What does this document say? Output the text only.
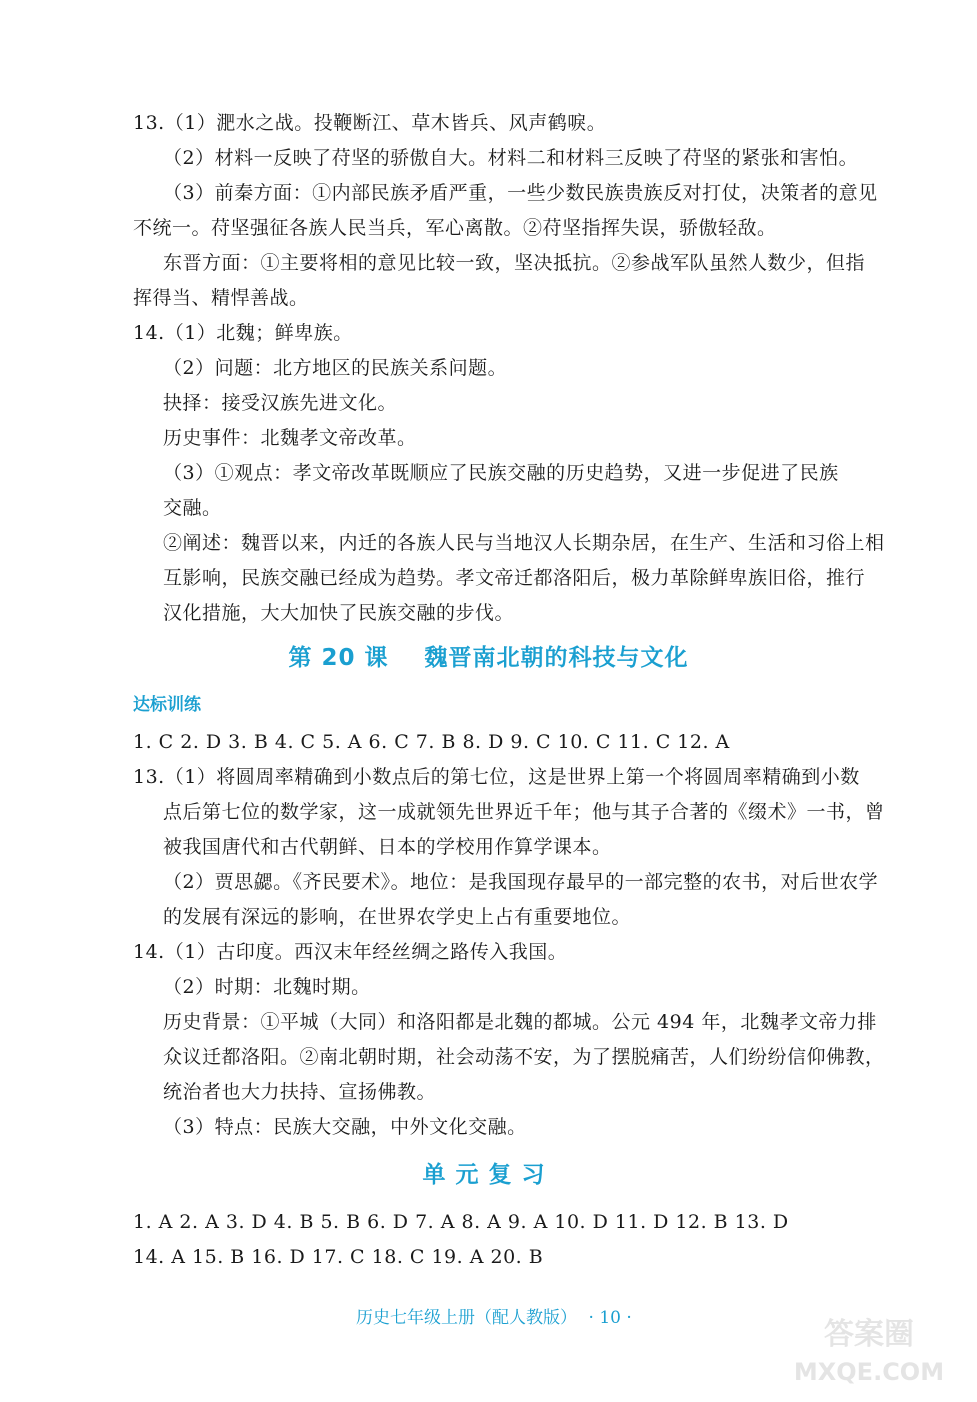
13.（1）淝水之战。投鞭断江、草木皆兵、风声鹤唳。
（2）材料一反映了苻坚的骄傲自大。材料二和材料三反映了苻坚的紧张和害怕。
（3）前秦方面：①内部民族矛盾严重，一些少数民族贵族反对打仗，决策者的意见
不统一。苻坚强征各族人民当兵，军心离散。②苻坚指挥失误，骄傲轻敌。
东晋方面：①主要将相的意见比较一致，坚决抵抗。②参战军队虽然人数少，但指
挥得当、精悍善战。
14.（1）北魏；鲜卑族。
（2）问题：北方地区的民族关系问题。
抉择：接受汉族先进文化。
历史事件：北魏孝文帝改革。
（3）①观点：孝文帝改革既顺应了民族交融的历史趋势，又进一步促进了民族
交融。
②阐述：魏晋以来，内迁的各族人民与当地汉人长期杂居，在生产、生活和习俗上相
互影响，民族交融已经成为趋势。孝文帝迁都洛阳后，极力革除鲜卑族旧俗，推行
汉化措施，大大加快了民族交融的步伐。
第 20 课    魏晋南北朝的科技与文化
达标训练
1. C 2. D 3. B 4. C 5. A 6. C 7. B 8. D 9. C 10. C 11. C 12. A
13.（1）将圆周率精确到小数点后的第七位，这是世界上第一个将圆周率精确到小数
点后第七位的数学家，这一成就领先世界近千年；他与其子合著的《缀术》一书，曾
被我国唐代和古代朝鲜、日本的学校用作算学课本。
（2）贾思勰。《齐民要术》。地位：是我国现存最早的一部完整的农书，对后世农学
的发展有深远的影响，在世界农学史上占有重要地位。
14.（1）古印度。西汉末年经丝绸之路传入我国。
（2）时期：北魏时期。
历史背景：①平城（大同）和洛阳都是北魏的都城。公元 494 年，北魏孝文帝力排
众议迁都洛阳。②南北朝时期，社会动荡不安，为了摆脱痛苦，人们纷纷信仰佛教，
统治者也大力扶持、宣扬佛教。
（3）特点：民族大交融，中外文化交融。
单元复习
1. A 2. A 3. D 4. B 5. B 6. D 7. A 8. A 9. A 10. D 11. D 12. B 13. D
14. A 15. B 16. D 17. C 18. C 19. A 20. B

历史七年级上册（配人教版） · 10 ·	答案圈
MXQE.COM
